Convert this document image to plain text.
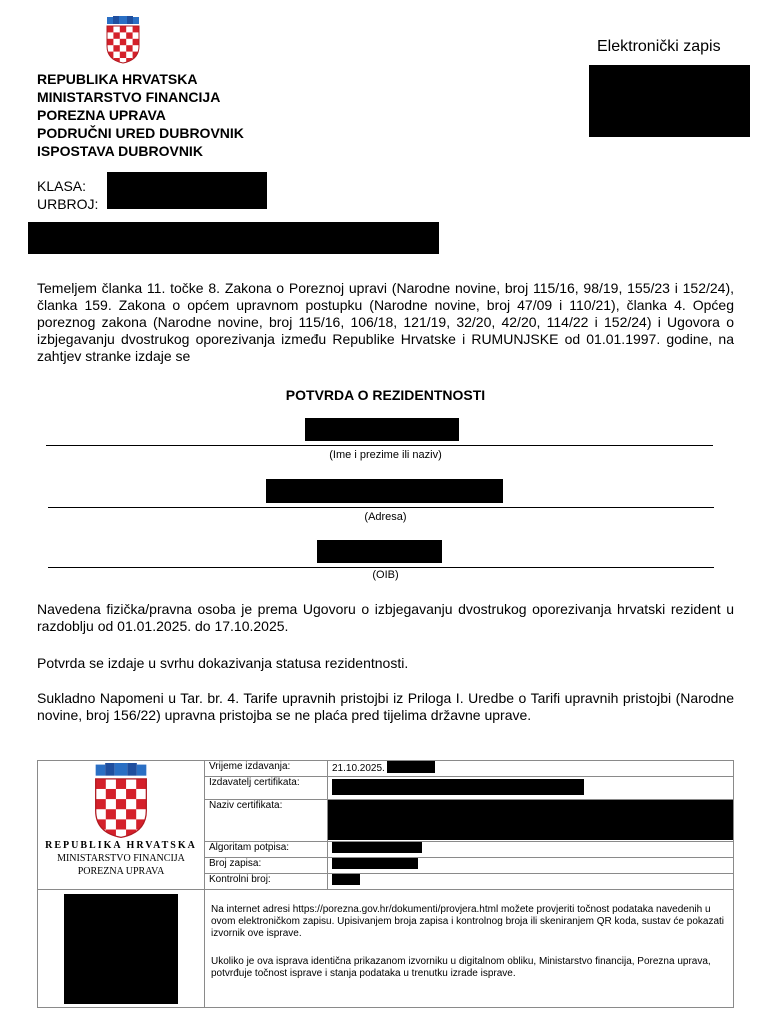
Elektronički zapis
REPUBLIKA HRVATSKA
MINISTARSTVO FINANCIJA
POREZNA UPRAVA
PODRUČNI URED DUBROVNIK
ISPOSTAVA DUBROVNIK
KLASA:
URBROJ:
Temeljem članka 11. točke 8. Zakona o Poreznoj upravi (Narodne novine, broj 115/16, 98/19, 155/23 i 152/24), članka 159. Zakona o općem upravnom postupku (Narodne novine, broj 47/09 i 110/21), članka 4. Općeg poreznog zakona (Narodne novine, broj 115/16, 106/18, 121/19, 32/20, 42/20, 114/22 i 152/24) i Ugovora o izbjegavanju dvostrukog oporezivanja između Republike Hrvatske i RUMUNJSKE od 01.01.1997. godine, na zahtjev stranke izdaje se
POTVRDA O REZIDENTNOSTI
(Ime i prezime ili naziv)
(Adresa)
(OIB)
Navedena fizička/pravna osoba je prema Ugovoru o izbjegavanju dvostrukog oporezivanja hrvatski rezident u razdoblju od 01.01.2025. do 17.10.2025.
Potvrda se izdaje u svrhu dokazivanja statusa rezidentnosti.
Sukladno Napomeni u Tar. br. 4. Tarife upravnih pristojbi iz Priloga I. Uredbe o Tarifi upravnih pristojbi (Narodne novine, broj 156/22) upravna pristojba se ne plaća pred tijelima državne uprave.
REPUBLIKA HRVATSKA
MINISTARSTVO FINANCIJA
POREZNA UPRAVA	Vrijeme izdavanja:	21.10.2025.
	Izdavatelj certifikata:	
	Naziv certifikata:	

	Algoritam potpisa:	
	Broj zapisa:	
	Kontrolni broj:	

	Na internet adresi https://porezna.gov.hr/dokumenti/provjera.html možete provjeriti točnost podataka navedenih u ovom elektroničkom zapisu. Upisivanjem broja zapisa i kontrolnog broja ili skeniranjem QR koda, sustav će pokazati izvornik ove isprave.
Ukoliko je ova isprava identična prikazanom izvorniku u digitalnom obliku, Ministarstvo financija, Porezna uprava, potvrđuje točnost isprave i stanja podataka u trenutku izrade isprave.	
